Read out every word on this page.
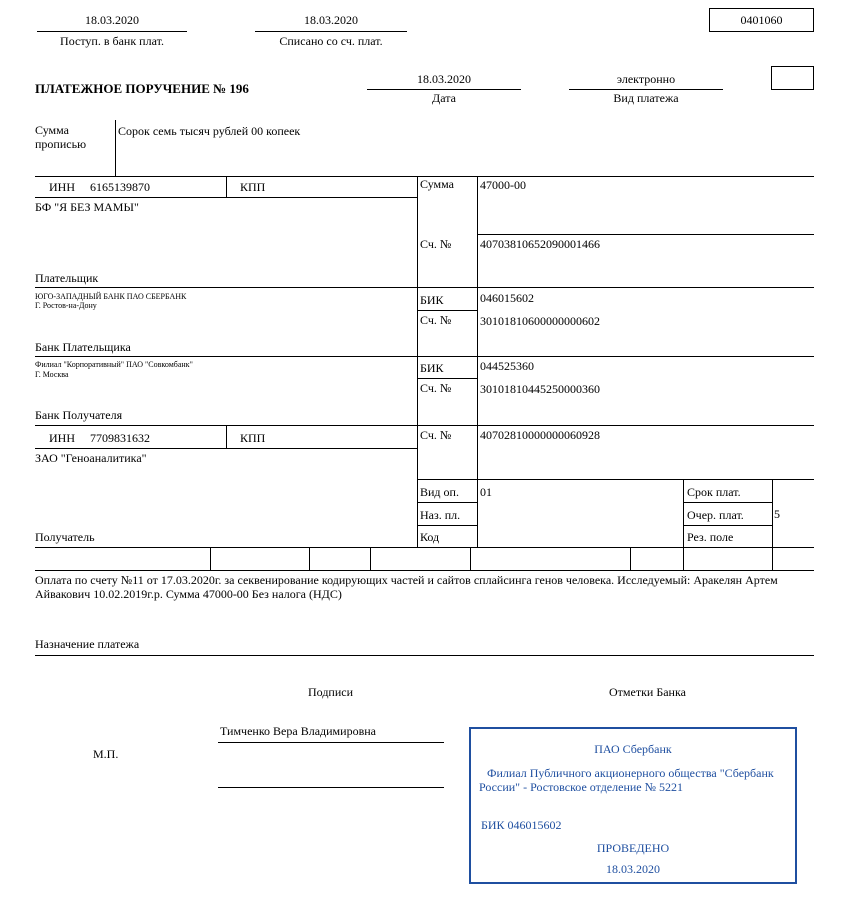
18.03.2020
Поступ. в банк плат.
18.03.2020
Списано со сч. плат.
0401060
ПЛАТЕЖНОЕ ПОРУЧЕНИЕ № 196
18.03.2020
Дата
электронно
Вид платежа
Сумма
прописью
Сорок семь тысяч рублей 00 копеек
ИНН 6165139870	КПП
БФ "Я БЕЗ МАМЫ"
Плательщик
Сумма 47000-00
Сч. № 40703810652090001466
ЮГО-ЗАПАДНЫЙ БАНК ПАО СБЕРБАНК
Г. Ростов-на-Дону
Банк Плательщика
БИК	046015602
Сч. № 30101810600000000602
Филиал "Корпоративный" ПАО "Совкомбанк"
Г. Москва
Банк Получателя
БИК	044525360
Сч. № 30101810445250000360
ИНН 7709831632	КПП
ЗАО "Геноаналитика"
Получатель
Сч. № 40702810000000060928
Вид оп. 01
Наз. пл.
Код
Срок плат.
Очер. плат.	5
Рез. поле
Оплата по счету №11 от 17.03.2020г. за секвенирование кодирующих частей и сайтов сплайсинга генов человека. Исследуемый: Аракелян Артем
Айвакович 10.02.2019г.р. Сумма 47000-00 Без налога (НДС)
Назначение платежа
Подписи	Отметки Банка
М.П.
Тимченко Вера Владимировна
ПАО Сбербанк
Филиал Публичного акционерного общества "Сбербанк
России" - Ростовское отделение № 5221
БИК 046015602
ПРОВЕДЕНО
18.03.2020
